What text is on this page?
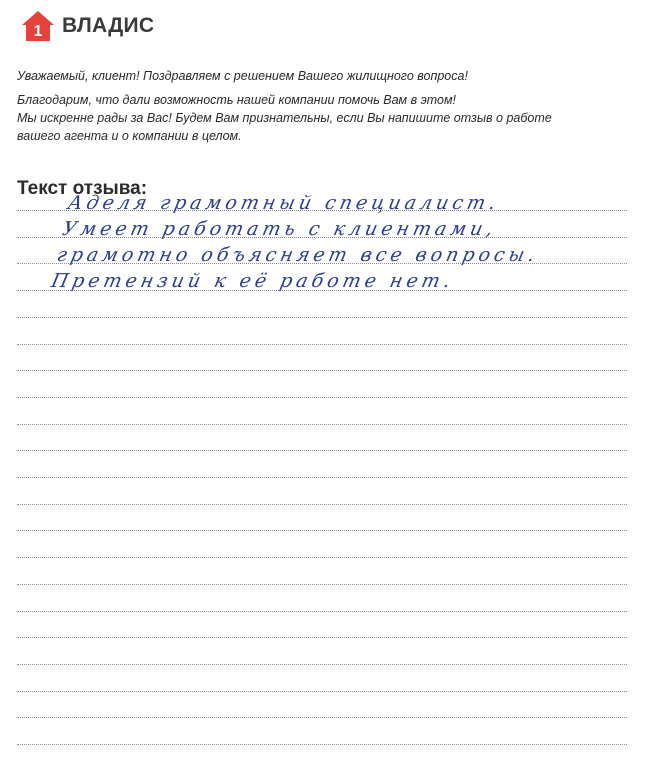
1 ВЛАДИС

Уважаемый, клиент! Поздравляем с решением Вашего жилищного вопроса!

Благодарим, что дали возможность нашей компании помочь Вам в этом!

Мы искренне рады за Вас! Будем Вам признательны, если Вы напишите отзыв о работе

вашего агента и о компании в целом.

Текст отзыва:
Аделя грамотный специалист.
Умеет работать с клиентами,
грамотно объясняет все вопросы.
Претензий к её работе нет.
